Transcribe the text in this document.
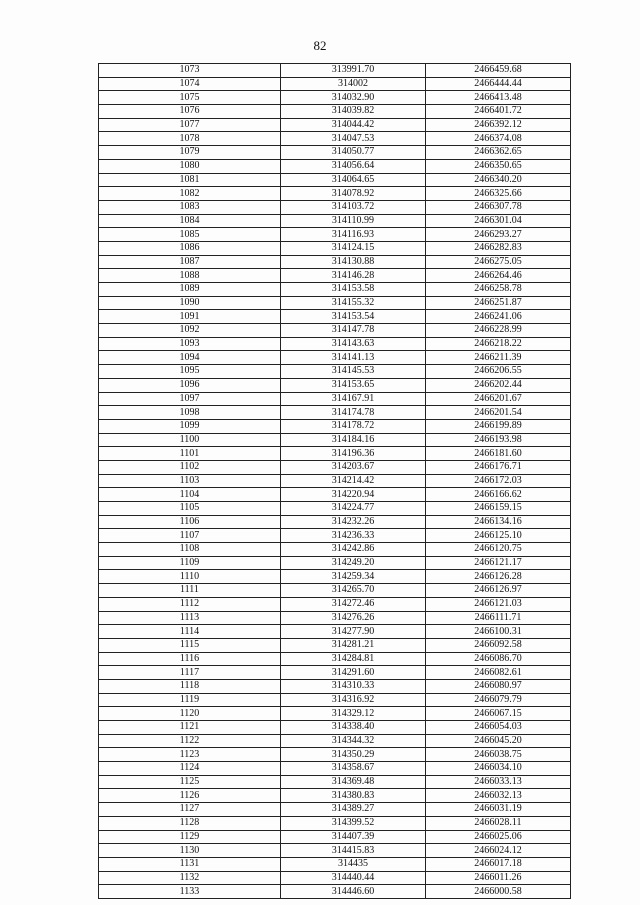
82
1073	313991.70	2466459.68
1074	314002	2466444.44
1075	314032.90	2466413.48
1076	314039.82	2466401.72
1077	314044.42	2466392.12
1078	314047.53	2466374.08
1079	314050.77	2466362.65
1080	314056.64	2466350.65
1081	314064.65	2466340.20
1082	314078.92	2466325.66
1083	314103.72	2466307.78
1084	314110.99	2466301.04
1085	314116.93	2466293.27
1086	314124.15	2466282.83
1087	314130.88	2466275.05
1088	314146.28	2466264.46
1089	314153.58	2466258.78
1090	314155.32	2466251.87
1091	314153.54	2466241.06
1092	314147.78	2466228.99
1093	314143.63	2466218.22
1094	314141.13	2466211.39
1095	314145.53	2466206.55
1096	314153.65	2466202.44
1097	314167.91	2466201.67
1098	314174.78	2466201.54
1099	314178.72	2466199.89
1100	314184.16	2466193.98
1101	314196.36	2466181.60
1102	314203.67	2466176.71
1103	314214.42	2466172.03
1104	314220.94	2466166.62
1105	314224.77	2466159.15
1106	314232.26	2466134.16
1107	314236.33	2466125.10
1108	314242.86	2466120.75
1109	314249.20	2466121.17
1110	314259.34	2466126.28
1111	314265.70	2466126.97
1112	314272.46	2466121.03
1113	314276.26	2466111.71
1114	314277.90	2466100.31
1115	314281.21	2466092.58
1116	314284.81	2466086.70
1117	314291.60	2466082.61
1118	314310.33	2466080.97
1119	314316.92	2466079.79
1120	314329.12	2466067.15
1121	314338.40	2466054.03
1122	314344.32	2466045.20
1123	314350.29	2466038.75
1124	314358.67	2466034.10
1125	314369.48	2466033.13
1126	314380.83	2466032.13
1127	314389.27	2466031.19
1128	314399.52	2466028.11
1129	314407.39	2466025.06
1130	314415.83	2466024.12
1131	314435	2466017.18
1132	314440.44	2466011.26
1133	314446.60	2466000.58
